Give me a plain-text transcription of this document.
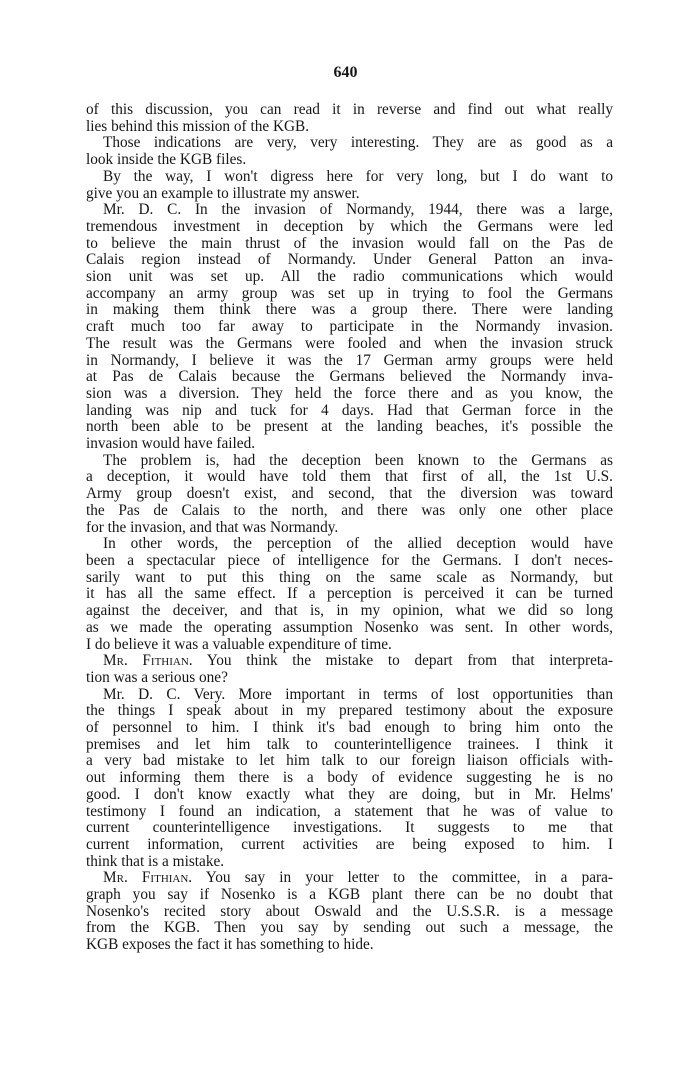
640
of this discussion, you can read it in reverse and find out what really
lies behind this mission of the KGB.
Those indications are very, very interesting. They are as good as a
look inside the KGB files.
By the way, I won't digress here for very long, but I do want to
give you an example to illustrate my answer.
Mr. D. C. In the invasion of Normandy, 1944, there was a large,
tremendous investment in deception by which the Germans were led
to believe the main thrust of the invasion would fall on the Pas de
Calais region instead of Normandy. Under General Patton an inva-
sion unit was set up. All the radio communications which would
accompany an army group was set up in trying to fool the Germans
in making them think there was a group there. There were landing
craft much too far away to participate in the Normandy invasion.
The result was the Germans were fooled and when the invasion struck
in Normandy, I believe it was the 17 German army groups were held
at Pas de Calais because the Germans believed the Normandy inva-
sion was a diversion. They held the force there and as you know, the
landing was nip and tuck for 4 days. Had that German force in the
north been able to be present at the landing beaches, it's possible the
invasion would have failed.
The problem is, had the deception been known to the Germans as
a deception, it would have told them that first of all, the 1st U.S.
Army group doesn't exist, and second, that the diversion was toward
the Pas de Calais to the north, and there was only one other place
for the invasion, and that was Normandy.
In other words, the perception of the allied deception would have
been a spectacular piece of intelligence for the Germans. I don't neces-
sarily want to put this thing on the same scale as Normandy, but
it has all the same effect. If a perception is perceived it can be turned
against the deceiver, and that is, in my opinion, what we did so long
as we made the operating assumption Nosenko was sent. In other words,
I do believe it was a valuable expenditure of time.
Mr. Fithian. You think the mistake to depart from that interpreta-
tion was a serious one?
Mr. D. C. Very. More important in terms of lost opportunities than
the things I speak about in my prepared testimony about the exposure
of personnel to him. I think it's bad enough to bring him onto the
premises and let him talk to counterintelligence trainees. I think it
a very bad mistake to let him talk to our foreign liaison officials with-
out informing them there is a body of evidence suggesting he is no
good. I don't know exactly what they are doing, but in Mr. Helms'
testimony I found an indication, a statement that he was of value to
current counterintelligence investigations. It suggests to me that
current information, current activities are being exposed to him. I
think that is a mistake.
Mr. Fithian. You say in your letter to the committee, in a para-
graph you say if Nosenko is a KGB plant there can be no doubt that
Nosenko's recited story about Oswald and the U.S.S.R. is a message
from the KGB. Then you say by sending out such a message, the
KGB exposes the fact it has something to hide.
